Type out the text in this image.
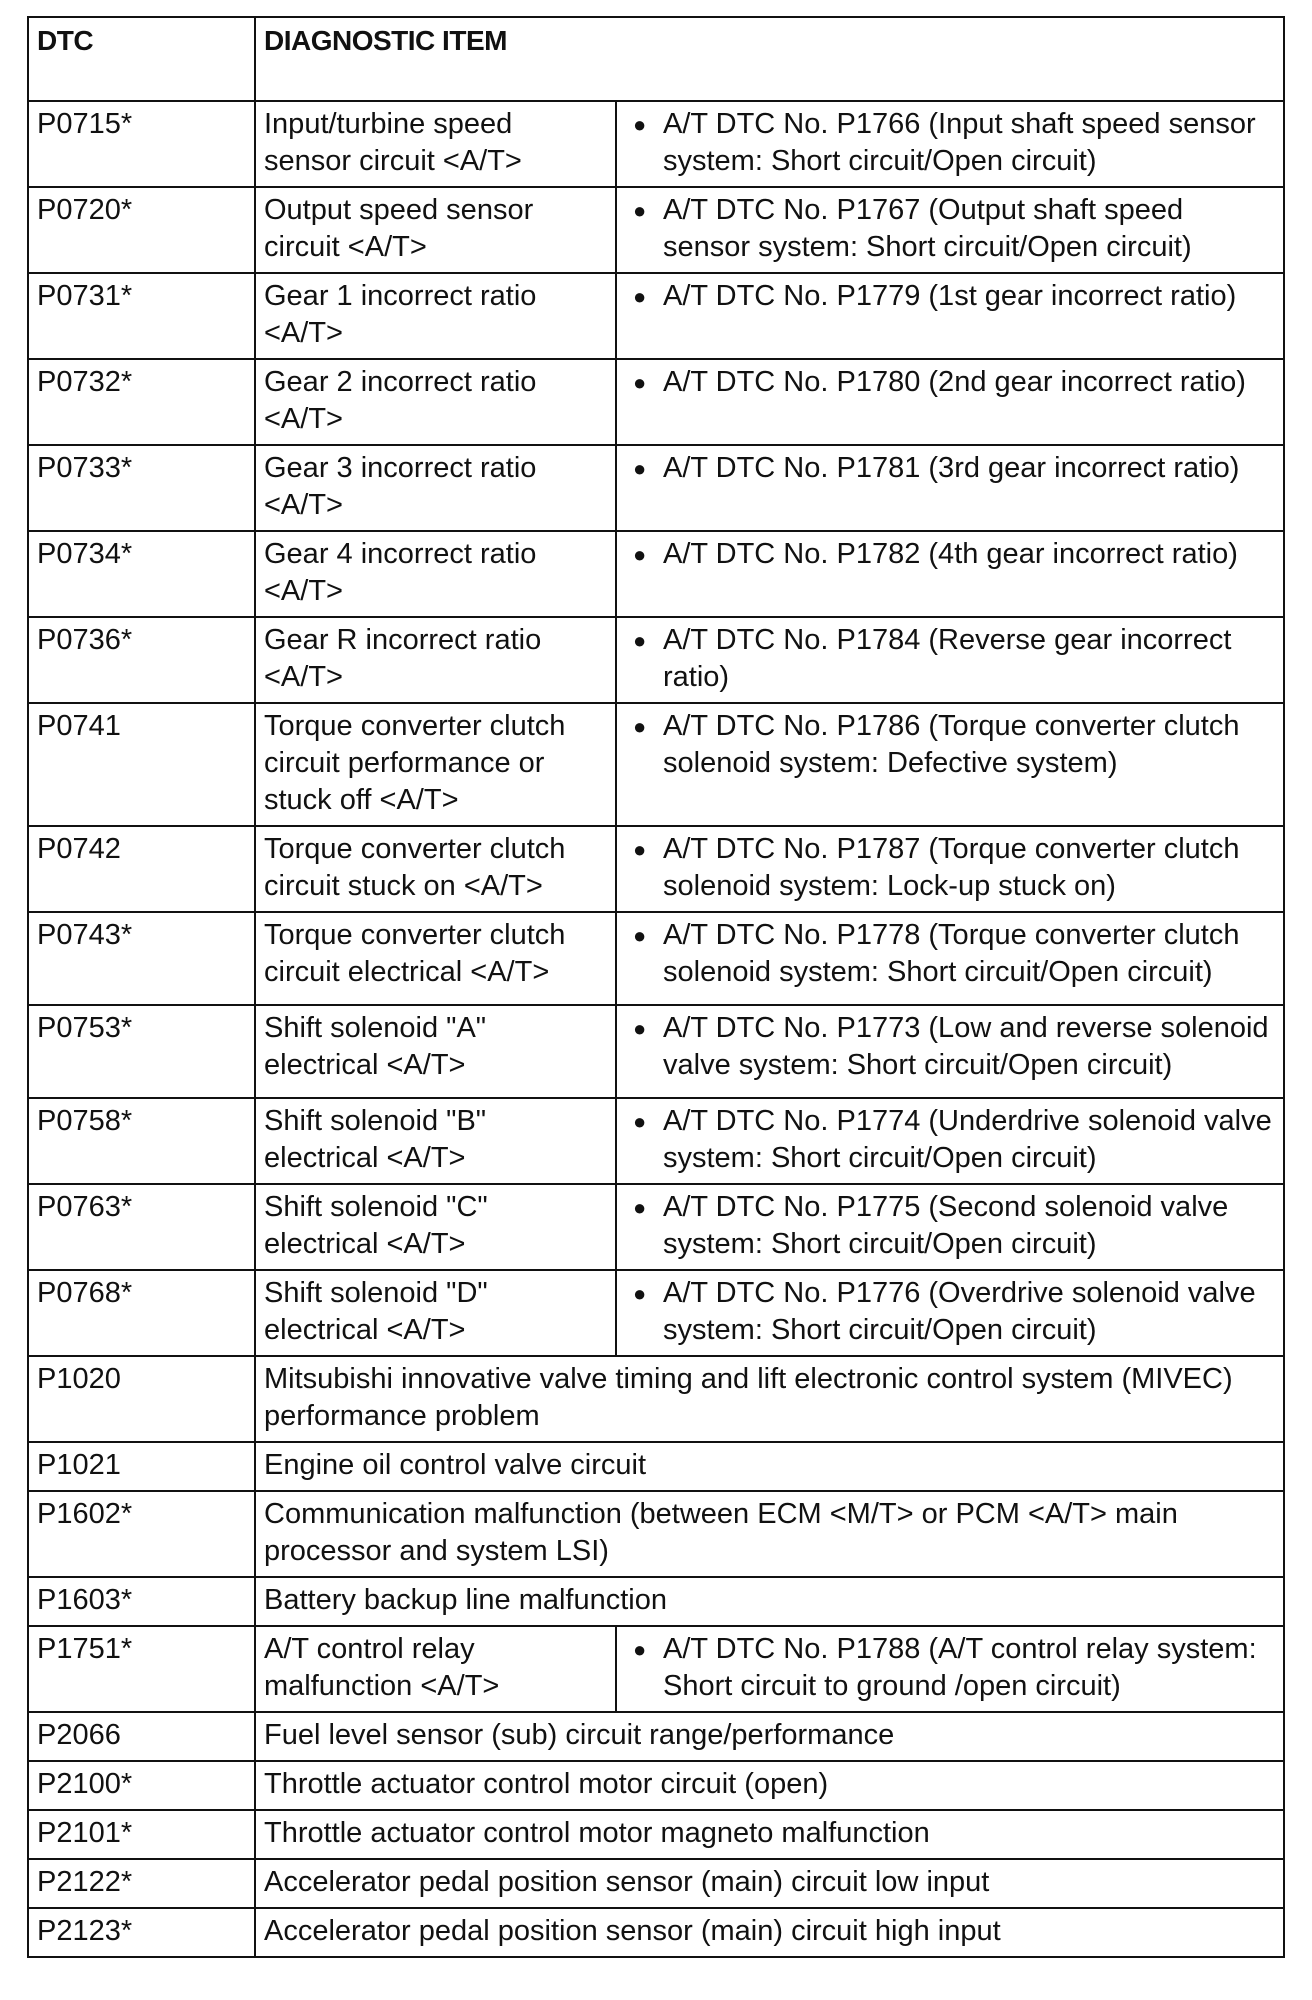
DTC	DIAGNOSTIC ITEM	
P0715*	Input/turbine speed sensor circuit <A/T>	● A/T DTC No. P1766 (Input shaft speed sensor system: Short circuit/Open circuit)

P0720*	Output speed sensor circuit <A/T>	● A/T DTC No. P1767 (Output shaft speed sensor system: Short circuit/Open circuit)

P0731*	Gear 1 incorrect ratio <A/T>	● A/T DTC No. P1779 (1st gear incorrect ratio)

P0732*	Gear 2 incorrect ratio <A/T>	● A/T DTC No. P1780 (2nd gear incorrect ratio)

P0733*	Gear 3 incorrect ratio <A/T>	● A/T DTC No. P1781 (3rd gear incorrect ratio)

P0734*	Gear 4 incorrect ratio <A/T>	● A/T DTC No. P1782 (4th gear incorrect ratio)

P0736*	Gear R incorrect ratio <A/T>	● A/T DTC No. P1784 (Reverse gear incorrect ratio)

P0741	Torque converter clutch circuit performance or stuck off <A/T>	● A/T DTC No. P1786 (Torque converter clutch solenoid system: Defective system)

P0742	Torque converter clutch circuit stuck on <A/T>	● A/T DTC No. P1787 (Torque converter clutch solenoid system: Lock-up stuck on)

P0743*	Torque converter clutch circuit electrical <A/T>	● A/T DTC No. P1778 (Torque converter clutch solenoid system: Short circuit/Open circuit)

P0753*	Shift solenoid "A" electrical <A/T>	● A/T DTC No. P1773 (Low and reverse solenoid valve system: Short circuit/Open circuit)

P0758*	Shift solenoid "B" electrical <A/T>	● A/T DTC No. P1774 (Underdrive solenoid valve system: Short circuit/Open circuit)

P0763*	Shift solenoid "C" electrical <A/T>	● A/T DTC No. P1775 (Second solenoid valve system: Short circuit/Open circuit)

P0768*	Shift solenoid "D" electrical <A/T>	● A/T DTC No. P1776 (Overdrive solenoid valve system: Short circuit/Open circuit)

P1020	Mitsubishi innovative valve timing and lift electronic control system (MIVEC) performance problem	
P1021	Engine oil control valve circuit	
P1602*	Communication malfunction (between ECM <M/T> or PCM <A/T> main processor and system LSI)	
P1603*	Battery backup line malfunction	
P1751*	A/T control relay malfunction <A/T>	● A/T DTC No. P1788 (A/T control relay system: Short circuit to ground /open circuit)

P2066	Fuel level sensor (sub) circuit range/performance	
P2100*	Throttle actuator control motor circuit (open)	
P2101*	Throttle actuator control motor magneto malfunction	
P2122*	Accelerator pedal position sensor (main) circuit low input	
P2123*	Accelerator pedal position sensor (main) circuit high input	
